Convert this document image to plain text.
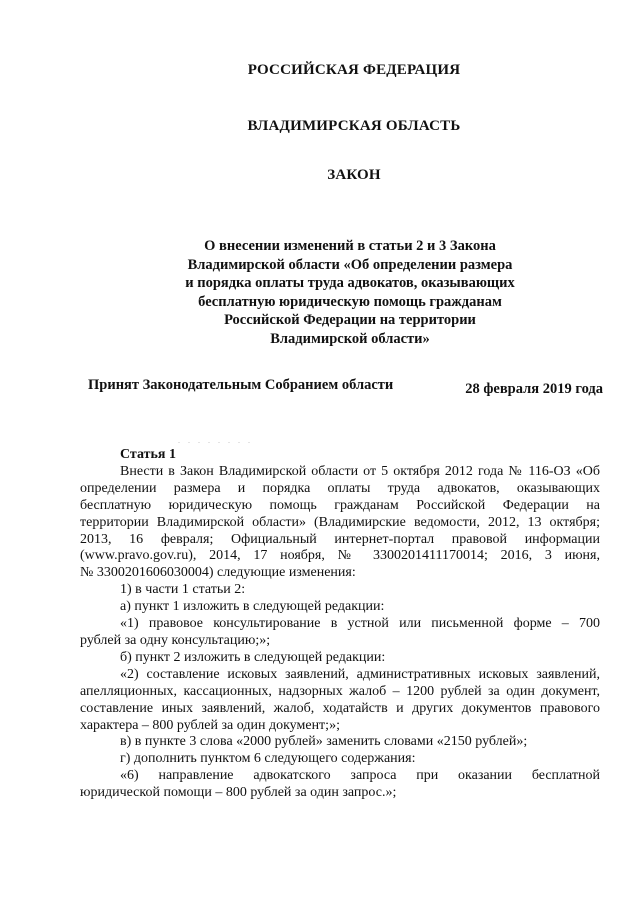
РОССИЙСКАЯ ФЕДЕРАЦИЯ
ВЛАДИМИРСКАЯ ОБЛАСТЬ
ЗАКОН
О внесении изменений в статьи 2 и 3 Закона
Владимирской области «Об определении размера
и порядка оплаты труда адвокатов, оказывающих
бесплатную юридическую помощь гражданам
Российской Федерации на территории
Владимирской области»
Принят Законодательным Собранием области	28 февраля 2019 года
. . . . . . . .

Статья 1

Внести в Закон Владимирской области от 5 октября 2012 года № 116-ОЗ «Об
определении размера и порядка оплаты труда адвокатов, оказывающих
бесплатную юридическую помощь гражданам Российской Федерации на
территории Владимирской области» (Владимирские ведомости, 2012, 13 октября;
2013, 16 февраля; Официальный интернет-портал правовой информации
(www.pravo.gov.ru), 2014, 17 ноября, № 3300201411170014; 2016, 3 июня,
№ 3300201606030004) следующие изменения:
1) в части 1 статьи 2:
а) пункт 1 изложить в следующей редакции:
«1) правовое консультирование в устной или письменной форме – 700
рублей за одну консультацию;»;
б) пункт 2 изложить в следующей редакции:
«2) составление исковых заявлений, административных исковых заявлений,
апелляционных, кассационных, надзорных жалоб – 1200 рублей за один документ,
составление иных заявлений, жалоб, ходатайств и других документов правового
характера – 800 рублей за один документ;»;
в) в пункте 3 слова «2000 рублей» заменить словами «2150 рублей»;
г) дополнить пунктом 6 следующего содержания:
«6) направление адвокатского запроса при оказании бесплатной
юридической помощи – 800 рублей за один запрос.»;
